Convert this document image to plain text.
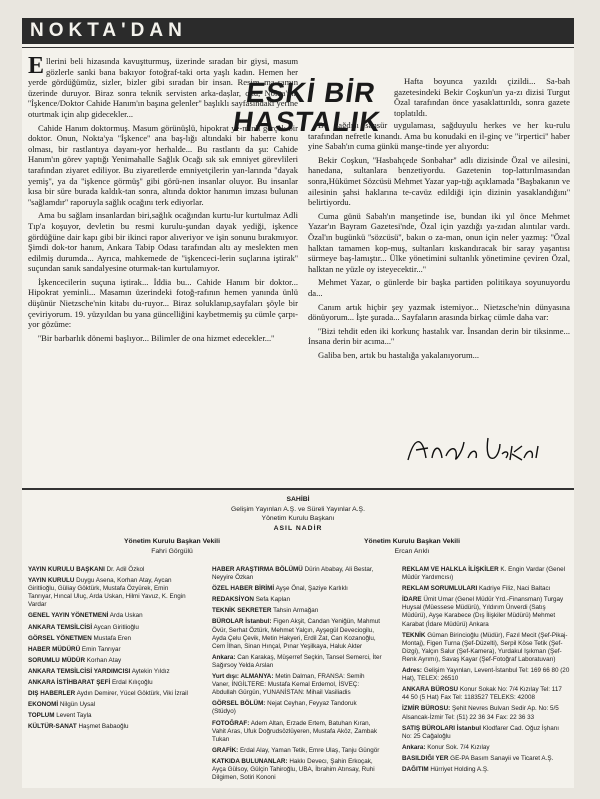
NOKTA'DAN
E llerini beli hizasında kavuştturmuş, üzerinde sıradan bir giysi, masum gözlerle sanki bana bakıyor fotoğraf-taki orta yaşlı kadın. Hemen her yerde gördüğümüz, sizler, bizler gibi sıradan bir insan. Resim ma-samın üzerinde duruyor. Biraz sonra teknik servisten arka-dașlar, onu, Nokta'nın ''İşkence/Doktor Cahide Hanım'ın başına gelenler'' başlıklı sayfasındaki yerine oturtmak için alıp gidecekler...

Cahide Hanım doktormuş. Masum görünüşlü, hipokrat ye-minli gerçek bir doktor. Onun, Nokta'ya ''İşkence'' ana baş-lığı altındaki bir haberre konu olması, bir rastlantıya dayanı-yor herhalde... Bu rastlantı da şu: Cahide Hanım'ın görev yaptığı Yenimahalle Sağlık Ocağı sık sık emniyet görevlileri tarafından ziyaret ediliyor. Bu ziyaretlerde emniyetçilerin yan-larında ''dayak yemiş'', ya da ''işkence görmüş'' gibi görü-nen insanlar oluyor. Bu insanlar kısa bir süre burada kaldık-tan sonra, altında doktor hanımın imzası bulunan ''sağlamdır'' raporuyla sağlık ocağını terk ediyorlar.

Ama bu sağlam insanlardan biri,sağlık ocağından kurtu-lur kurtulmaz Adli Tıp'a koşuyor, devletin bu resmi kurulu-şundan dayak yediği, işkence gördüğüne dair kapı gibi bir ikinci rapor alıveriyor ve işin sonunu bırakmıyor. Şimdi dok-tor hanım, Ankara Tabip Odası tarafından altı ay meslekten men edilmiş durumda... Ayrıca, mahkemede de ''işkenceci-lerin suçlarına iştirak'' suçundan sanık sandalyesine oturmak-tan kurtulamıyor.

İşkencecilerin suçuna iştirak... İddia bu... Cahide Hanım bir doktor... Hipokrat yeminli... Masamın üzerindeki fotoğ-rafının hemen yanında ünlü düşünür Nietzsche'nin kitabı du-ruyor... Biraz soluklanıp,sayfaları şöyle bir çeviriyorum. 19. yüzyıldan bu yana güncelliğini kaybetmemiş şu cümle çarpı-yor gözüme:

''Bir barbarlık dönemi başlıyor... Bilimler de ona hizmet edecekler...''

ESKİ BİR
HASTALIK

Hafta boyunca yazıldı çizildi... Sa-bah gazetesindeki Bekir Coşkun'un ya-zı dizisi Turgut Özal tarafından önce yasaklattırıldı, sonra gazete toplatıldı.

Bu çağdışı sansür uygulaması, sağduyulu herkes ve her ku-rulu tarafından nefretle kınandı. Ama bu konudaki en il-ginç ve ''irpertici'' haber yine Sabah'ın cuma günkü manşe-tinde yer alıyordu:

Bekir Coşkun, ''Hasbahçede Sonbahar'' adlı dizisinde Özal ve ailesini, hanedana, sultanlara benzetiyordu. Gazetenin top-lattırılmasından sonra,Hükümet Sözcüsü Mehmet Yazar yap-tığı açıklamada ''Başbakanın ve ailesinin şahsi haklarına te-cavüz edildiği için dizinin yasaklandığını'' belirtiyordu.

Cuma günü Sabah'ın manşetinde ise, bundan iki yıl önce Mehmet Yazar'ın Bayram Gazetesi'nde, Özal için yazdığı ya-zıdan alıntılar vardı. Özal'ın bugünkü ''sözcüsü'', bakın o za-man, onun için neler yazmış: ''Özal halktan tamamen kop-muş, sultanları kıskandıracak bir saray yaşantısı sürmeye baş-lamıştır... Ülke yönetimini sultanlık yönetimine çeviren Özal, halktan ne yüzle oy isteyecektir...''

Mehmet Yazar, o günlerde bir başka partiden politikaya soyunuyordu da...

Canım artık hiçbir şey yazmak istemiyor... Nietzsche'nin dünyasına dönüyorum... İşte şurada... Sayfaların arasında birkaç cümle daha var:

''Bizi tehdit eden iki korkunç hastalık var. İnsandan derin bir tiksinme... İnsana derin bir acıma...''

Galiba ben, artık bu hastalığa yakalanıyorum...

SAHİBİ
Gelişim Yayınları A.Ş. ve Süreli Yayınlar A.Ş.
Yönetim Kurulu Başkanı
ASIL NADİR
Yönetim Kurulu Başkan Vekili
Fahri Görgülü
Yönetim Kurulu Başkan Vekili
Ercan Arıklı
YAYIN KURULU BAŞKANI Dr. Adil Özkol
YAYIN KURULU Duygu Asena, Korhan Atay, Aycan Giritlioğlu, Güliay Göktürk, Mustafa Özyürek, Emin Tanrıyar, Hıncal Uluç, Arda Uskan, Hilmi Yavuz, K. Engin Vardar
GENEL YAYIN YÖNETMENİ Arda Uskan
ANKARA TEMSİLCİSİ Aycan Giritlioğlu
GÖRSEL YÖNETMEN Mustafa Eren
HABER MÜDÜRÜ Emin Tanrıyar
SORUMLU MÜDÜR Korhan Atay
ANKARA TEMSİLCİSİ YARDIMCISI Aytekin Yıldız
ANKARA İSTİHBARAT ŞEFİ Erdal Kılıçoğlu
DIŞ HABERLER Aydın Demirer, Yücel Göktürk, Viki İzrail
EKONOMİ Nilgün Uysal
TOPLUM Levent Tayla
KÜLTÜR-SANAT Haşmet Babaoğlu
HABER ARAŞTIRMA BÖLÜMÜ Dürin Ababay, Ali Bestar, Neyyire Özkan
ÖZEL HABER BİRİMİ Ayşe Önal, Şaziye Karlıklı
REDAKSİYON Sefa Kaplan
TEKNİK SEKRETER Tahsin Armağan
BÜROLAR İstanbul: Figen Akşit, Candan Yeniğün, Mahmut Övür, Serhat Öztürk, Mehmet Yalçın, Ayşegül Deveciogilu, Ayda Çelu Çevik, Metin Hakyeri, Erdil Zat, Can Kozanoğlu, Cem İlhan, Sinan Hınçal, Pınar Yeşilkaya, Haluk Akter
Ankara: Can Karakaş, Müşerref Seçkin, Tansel Semerci, İter Sağırsoy Yelda Arslan
Yurt dışı: ALMANYA: Metin Dalman, FRANSA: Semih Vaner, İNGİLTERE: Mustafa Kemal Erdemol, İSVEÇ: Abdullah Gürgün, YUNANİSTAN: Mihail Vasiliadis
GÖRSEL BÖLÜM: Nejat Ceyhan, Feyyaz Tandoruk (Stüdyo)
FOTOĞRAF: Adem Altan, Erzade Ertem, Batuhan Kıran, Vahit Aras, Ufuk Doğrudsözlüyeren, Mustafa Aköz, Zambak Tukan
GRAFİK: Erdal Alay, Yaman Tetik, Emre Ulaş, Tanju Güngör
KATKIDA BULUNANLAR: Hakkı Devecı, Şahin Erkoçak, Ayça Gülsoy, Gülçin Tahiroğlu, UBA, İbrahim Atınsay, Ruhi Dilgimen, Sotiri Kononi
REKLAM VE HALKLA İLİŞKİLER K. Engin Vardar (Genel Müdür Yardımcısı)
REKLAM SORUMLULARI Kadriye Filiz, Naci Baltacı
İDARE Ümit Umar (Genel Müdür Yrd.-Finansman) Turgay Huysal (Müessese Müdürü), Yıldırım Ünverdi (Satış Müdürü), Ayşe Karabece (Dış İlişkiler Müdürü) Mehmet Karabat (İdare Müdürü) Ankara
TEKNİK Güman Birincioğlu (Müdür), Fazıl Mecit (Şef-Pikaj-Montaj), Figen Turna (Şef-Düzelti), Serpil Köse Tetik (Şef-Dizgi), Yalçın Salur (Şef-Kamera), Yurdakul Işıkman (Şef-Renk Ayrımı), Savaş Kayar (Şef-Fotoğraf Laboratuvarı)
Adres: Gelişim Yayınları, Levent-İstanbul Tel: 169 66 80 (20 Hat), TELEX: 26510
ANKARA BÜROSU Konur Sokak No: 7/4 Kızılay Tel: 117 44 50 (5 Hat) Fax Tel: 1183527 TELEKS: 42008
İZMİR BÜROSU: Şehit Nevres Bulvarı Sedir Ap. No: 5/5 Alsancak-İzmir Tel: (51) 22 36 34 Fax: 22 36 33
SATIŞ BÜROLARI İstanbul Klodfarer Cad. Oğuz İşhanı No: 25 Cağaloğlu
Ankara: Konur Sok. 7/4 Kızılay
BASILDIĞI YER GE-PA Basım Sanayii ve Ticaret A.Ş.
DAĞITIM Hürriyet Holding A.Ş.
